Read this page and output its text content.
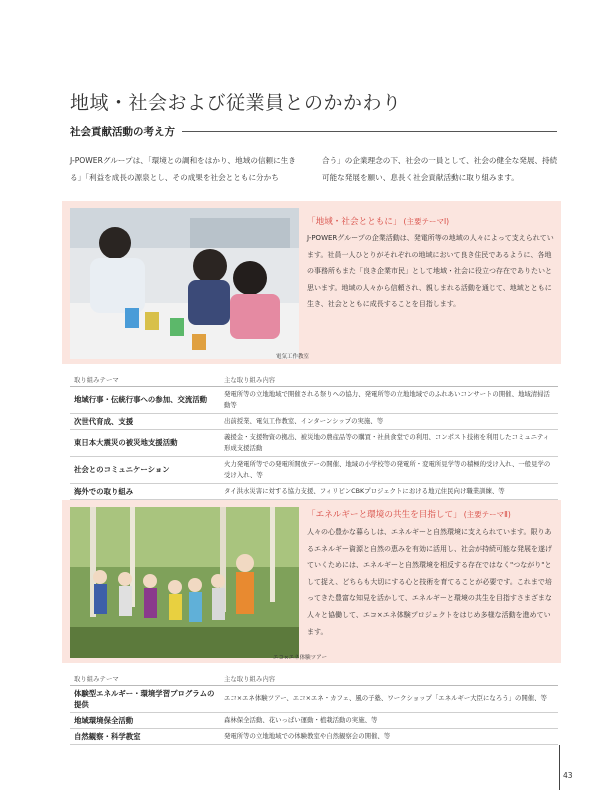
地域・社会および従業員とのかかわり
社会貢献活動の考え方
J-POWERグループは、「環境との調和をはかり、地域の信頼に生きる」「利益を成長の源泉とし、その成果を社会とともに分かち
合う」の企業理念の下、社会の一員として、社会の健全な発展、持続可能な発展を願い、息長く社会貢献活動に取り組みます。
電気工作教室
「地域・社会とともに」 (主要テーマⅠ)
J-POWERグループの企業活動は、発電所等の地域の人々によって支えられています。社員一人ひとりがそれぞれの地域において良き住民であるように、各地の事務所もまた「良き企業市民」として地域・社会に役立つ存在でありたいと思います。地域の人々から信頼され、親しまれる活動を通じて、地域とともに生き、社会とともに成長することを目指します。
取り組みテーマ	主な取り組み内容
地域行事・伝統行事への参加、交流活動	発電所等の立地地域で開催される祭りへの協力、発電所等の立地地域でのふれあいコンサートの開催、地域清掃活動等
次世代育成、支援	出前授業、電気工作教室、インターンシップの実施、等
東日本大震災の被災地支援活動	義援金・支援物資の拠出、被災地の農産品等の購買・社員食堂での利用、コンポスト技術を利用したコミュニティ形成支援活動
社会とのコミュニケーション	火力発電所等での発電所開放デーの開催、地域の小学校等の発電所・変電所見学等の積極的受け入れ、一般見学の受け入れ、等
海外での取り組み	タイ洪水災害に対する協力支援、フィリピンCBKプロジェクトにおける地元住民向け職業訓練、等
エコ×エネ体験ツアー
「エネルギーと環境の共生を目指して」 (主要テーマⅡ)
人々の心豊かな暮らしは、エネルギーと自然環境に支えられています。限りあるエネルギー資源と自然の恵みを有効に活用し、社会が持続可能な発展を遂げていくためには、エネルギーと自然環境を相反する存在ではなく"つながり"として捉え、どちらも大切にする心と技術を育てることが必要です。これまで培ってきた豊富な知見を活かして、エネルギーと環境の共生を目指すさまざまな人々と協働して、エコ×エネ体験プロジェクトをはじめ多様な活動を進めています。
取り組みテーマ	主な取り組み内容
体験型エネルギー・環境学習プログラムの提供	エコ×エネ体験ツアー、エコ×エネ・カフェ、風の子塾、ワークショップ「エネルギー大臣になろう」の開催、等
地域環境保全活動	森林保全活動、花いっぱい運動・植栽活動の実施、等
自然観察・科学教室	発電所等の立地地域での体験教室や自然観察会の開催、等
43
